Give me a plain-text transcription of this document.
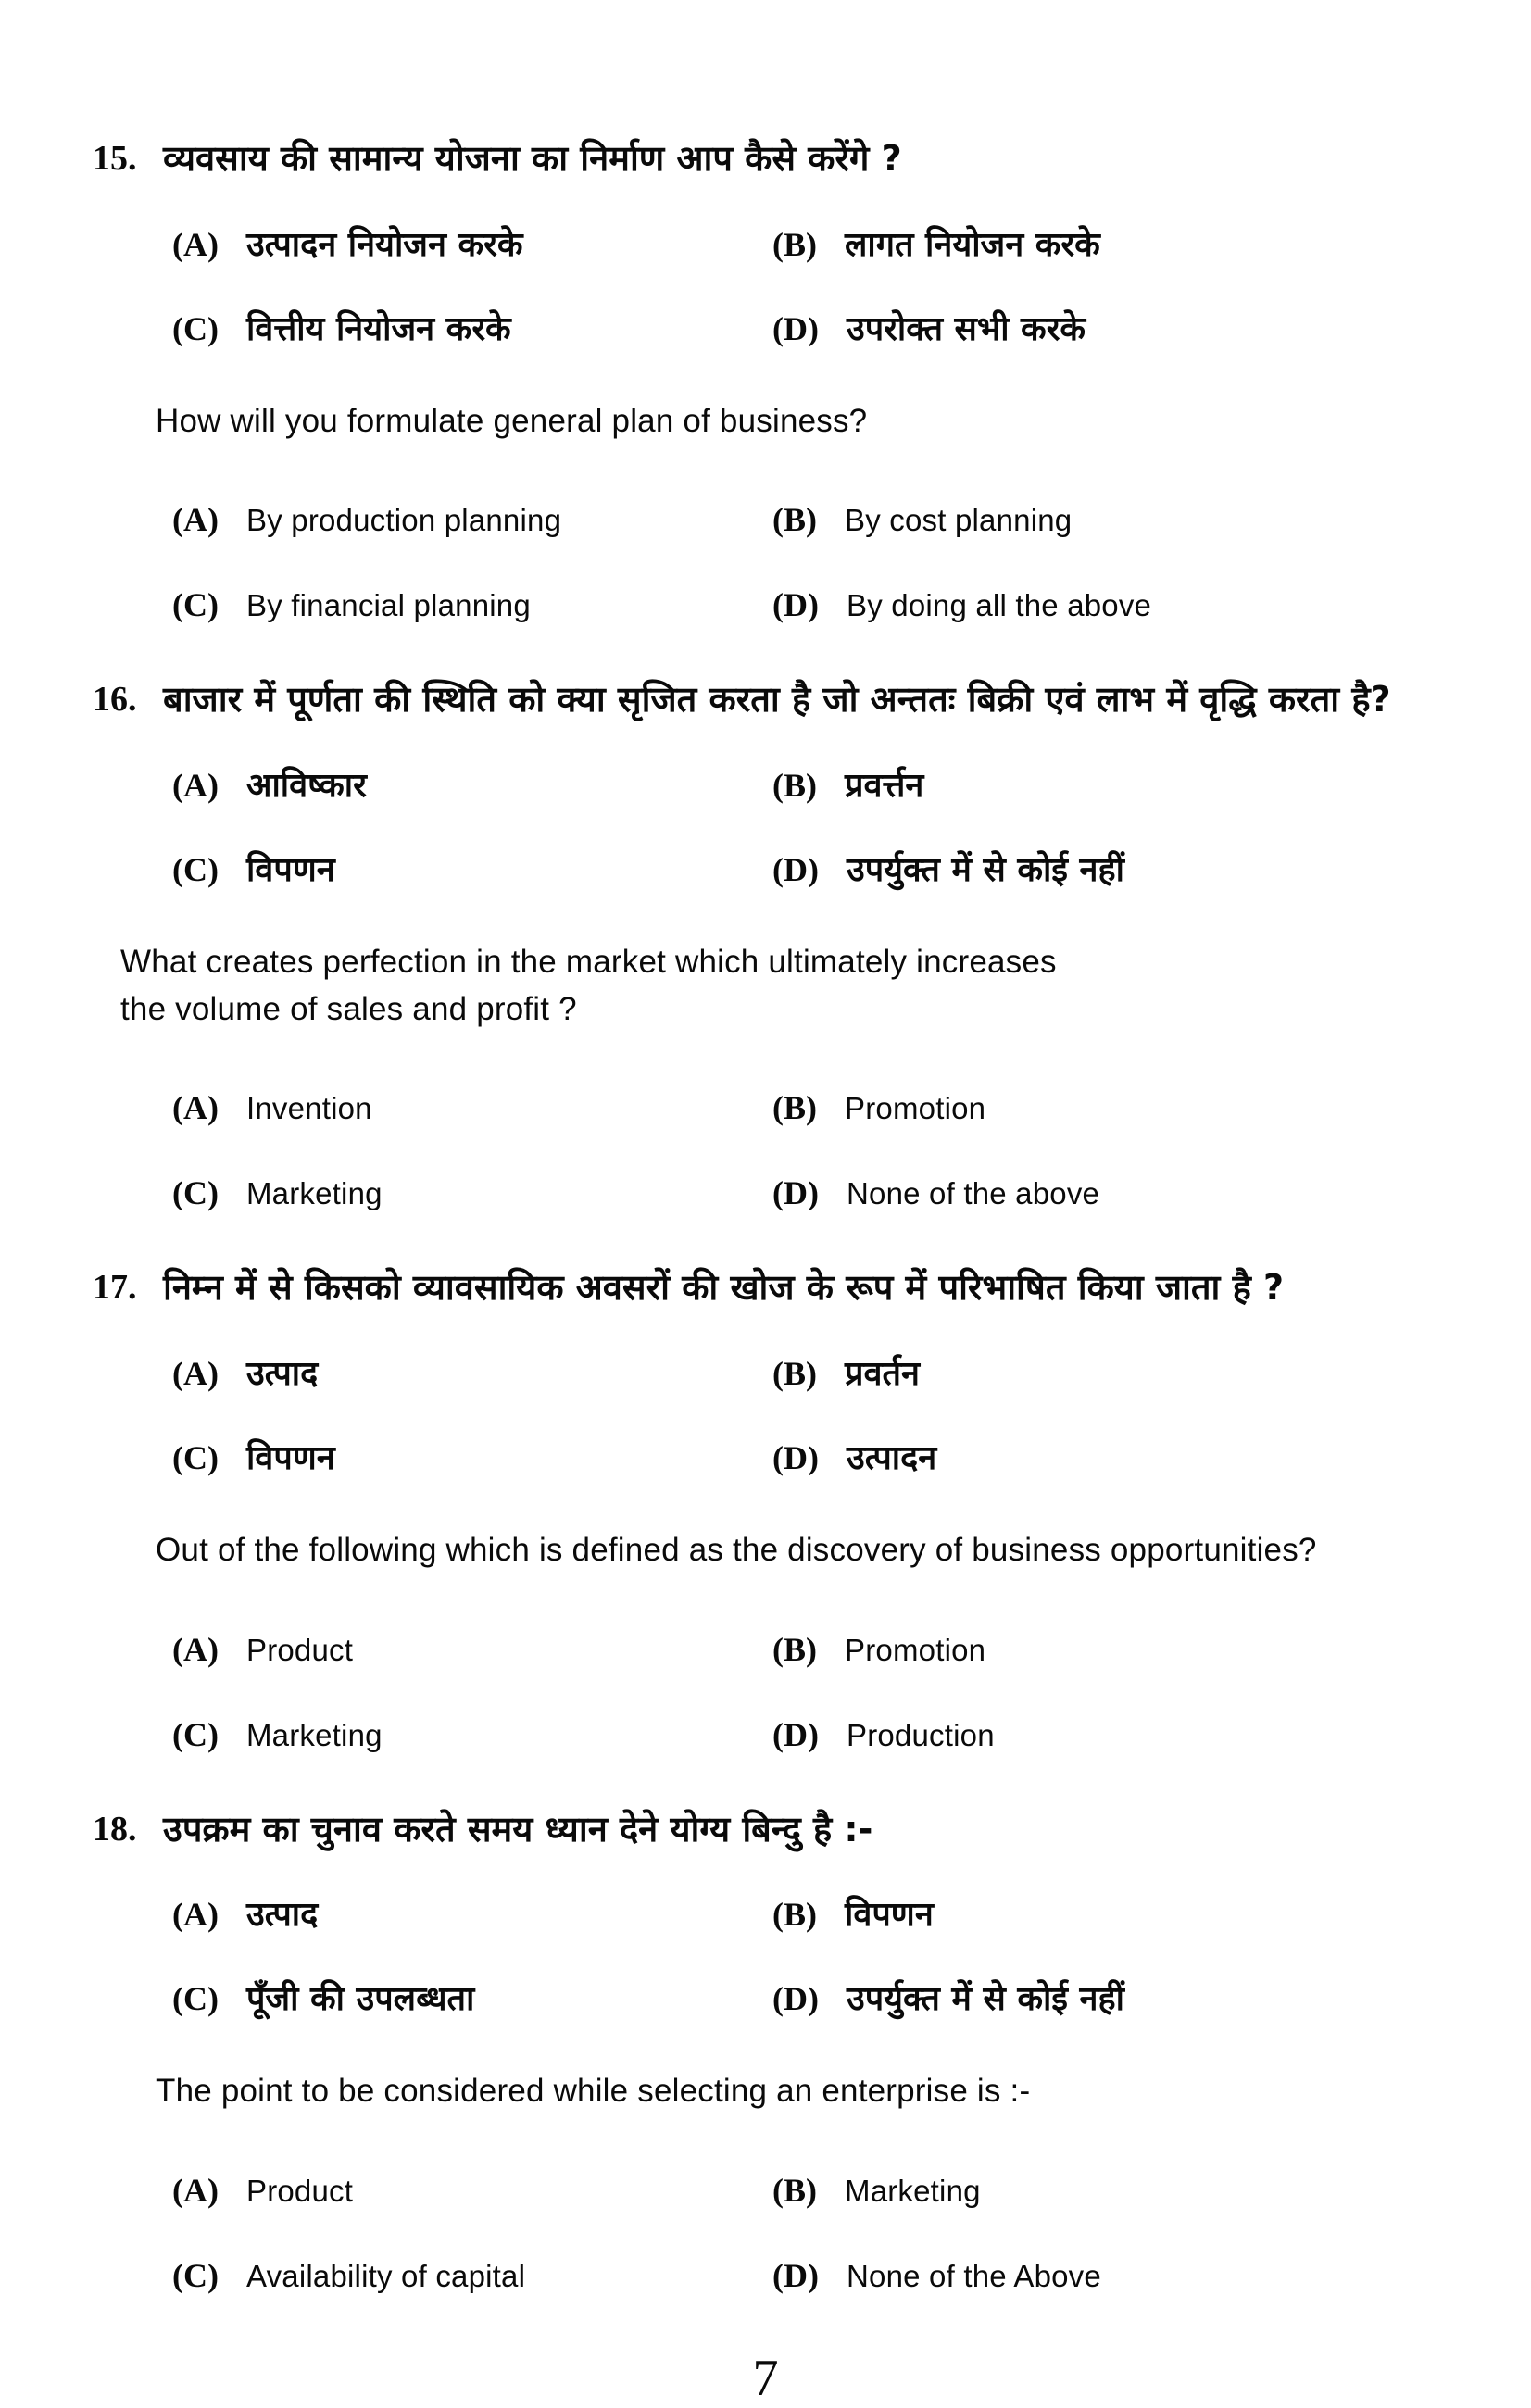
15. व्यवसाय की सामान्य योजना का निर्माण आप कैसे करेंगे ?
(A) उत्पादन नियोजन करके	(B) लागत नियोजन करके
(C) वित्तीय नियोजन करके	(D) उपरोक्त सभी करके
How will you formulate general plan of business?
(A) By production planning	(B) By cost planning
(C) By financial planning	(D) By doing all the above
16. बाजार में पूर्णता की स्थिति को क्या सृजित करता है जो अन्ततः बिक्री एवं लाभ में वृद्धि करता है?
(A) आविष्कार	(B) प्रवर्त्तन
(C) विपणन	(D) उपर्युक्त में से कोई नहीं
What creates perfection in the market which ultimately increases the volume of sales and profit ?
(A) Invention	(B) Promotion
(C) Marketing	(D) None of the above
17. निम्न में से किसको व्यावसायिक अवसरों की खोज के रूप में परिभाषित किया जाता है ?
(A) उत्पाद	(B) प्रवर्तन
(C) विपणन	(D) उत्पादन
Out of the following which is defined as the discovery of business opportunities?
(A) Product	(B) Promotion
(C) Marketing	(D) Production
18. उपक्रम का चुनाव करते समय ध्यान देने योग्य बिन्दु है :-
(A) उत्पाद	(B) विपणन
(C) पूँजी की उपलब्धता	(D) उपर्युक्त में से कोई नहीं
The point to be considered while selecting an enterprise is :-
(A) Product	(B) Marketing
(C) Availability of capital	(D) None of the Above
7
